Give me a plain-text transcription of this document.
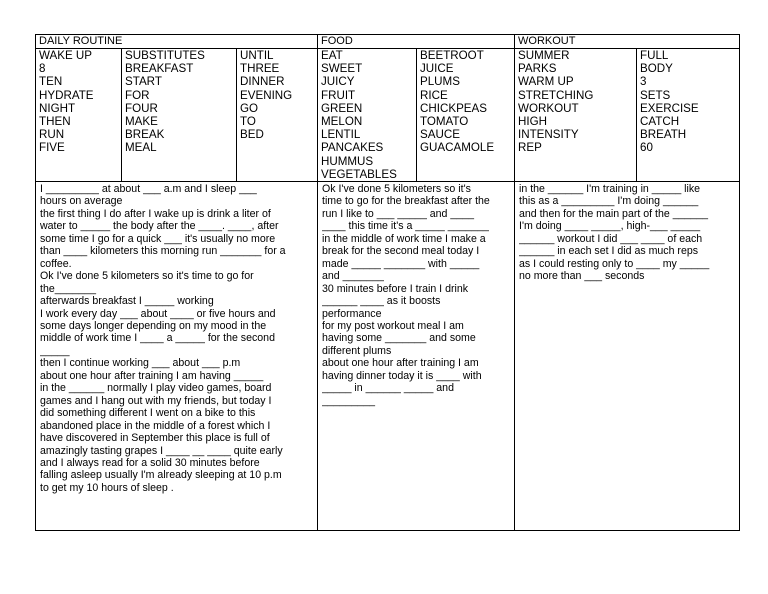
DAILY ROUTINE	FOOD	WORKOUT
WAKE UP
8
TEN
HYDRATE
NIGHT
THEN
RUN
FIVE
SUBSTITUTES
BREAKFAST
START
FOR
FOUR
MAKE
BREAK
MEAL
UNTIL
THREE
DINNER
EVENING
GO
TO
BED
EAT
SWEET
JUICY
FRUIT
GREEN
MELON
LENTIL
PANCAKES
HUMMUS
VEGETABLES
BEETROOT
JUICE
PLUMS
RICE
CHICKPEAS
TOMATO
SAUCE
GUACAMOLE
SUMMER
PARKS
WARM UP
STRETCHING
WORKOUT
HIGH
INTENSITY
REP
FULL
BODY
3
SETS
EXERCISE
CATCH
BREATH
60
I _________ at about ___ a.m and I sleep ___
hours on average
the first thing I do after I wake up is drink a liter of
water to _____ the body after the ____. ____, after
some time I go for a quick ___ it's usually no more
than ____ kilometers this morning run _______ for a
coffee.
Ok I've done 5 kilometers so it's time to go for
the_______
afterwards breakfast I _____ working
I work every day ___ about ____ or five hours and
some days longer depending on my mood in the
middle of work time I ____ a _____ for the second
_____
then I continue working ___ about ___ p.m
about one hour after training I am having _____
in the ______ normally I play video games, board
games and I hang out with my friends, but today I
did something different I went on a bike to this
abandoned place in the middle of a forest which I
have discovered in September this place is full of
amazingly tasting grapes I ____ __ ____ quite early
and I always read for a solid 30 minutes before
falling asleep usually I'm already sleeping at 10 p.m
to get my 10 hours of sleep .
Ok I've done 5 kilometers so it's
time to go for the breakfast after the
run I like to ___ _____ and ____
____ this time it's a _____ _______
in the middle of work time I make a
break for the second meal today I
made _____ _______ with _____
and _______
30 minutes before I train I drink
______ ____ as it boosts
performance
for my post workout meal I am
having some _______ and some
different plums
about one hour after training I am
having dinner today it is ____ with
_____ in ______ _____ and
_________
in the ______ I'm training in _____ like
this as a _________ I'm doing ______
and then for the main part of the ______
I'm doing ____ _____, high-___ _____
______ workout I did ___ ____ of each
______ in each set I did as much reps
as I could resting only to ____ my _____
no more than ___ seconds
